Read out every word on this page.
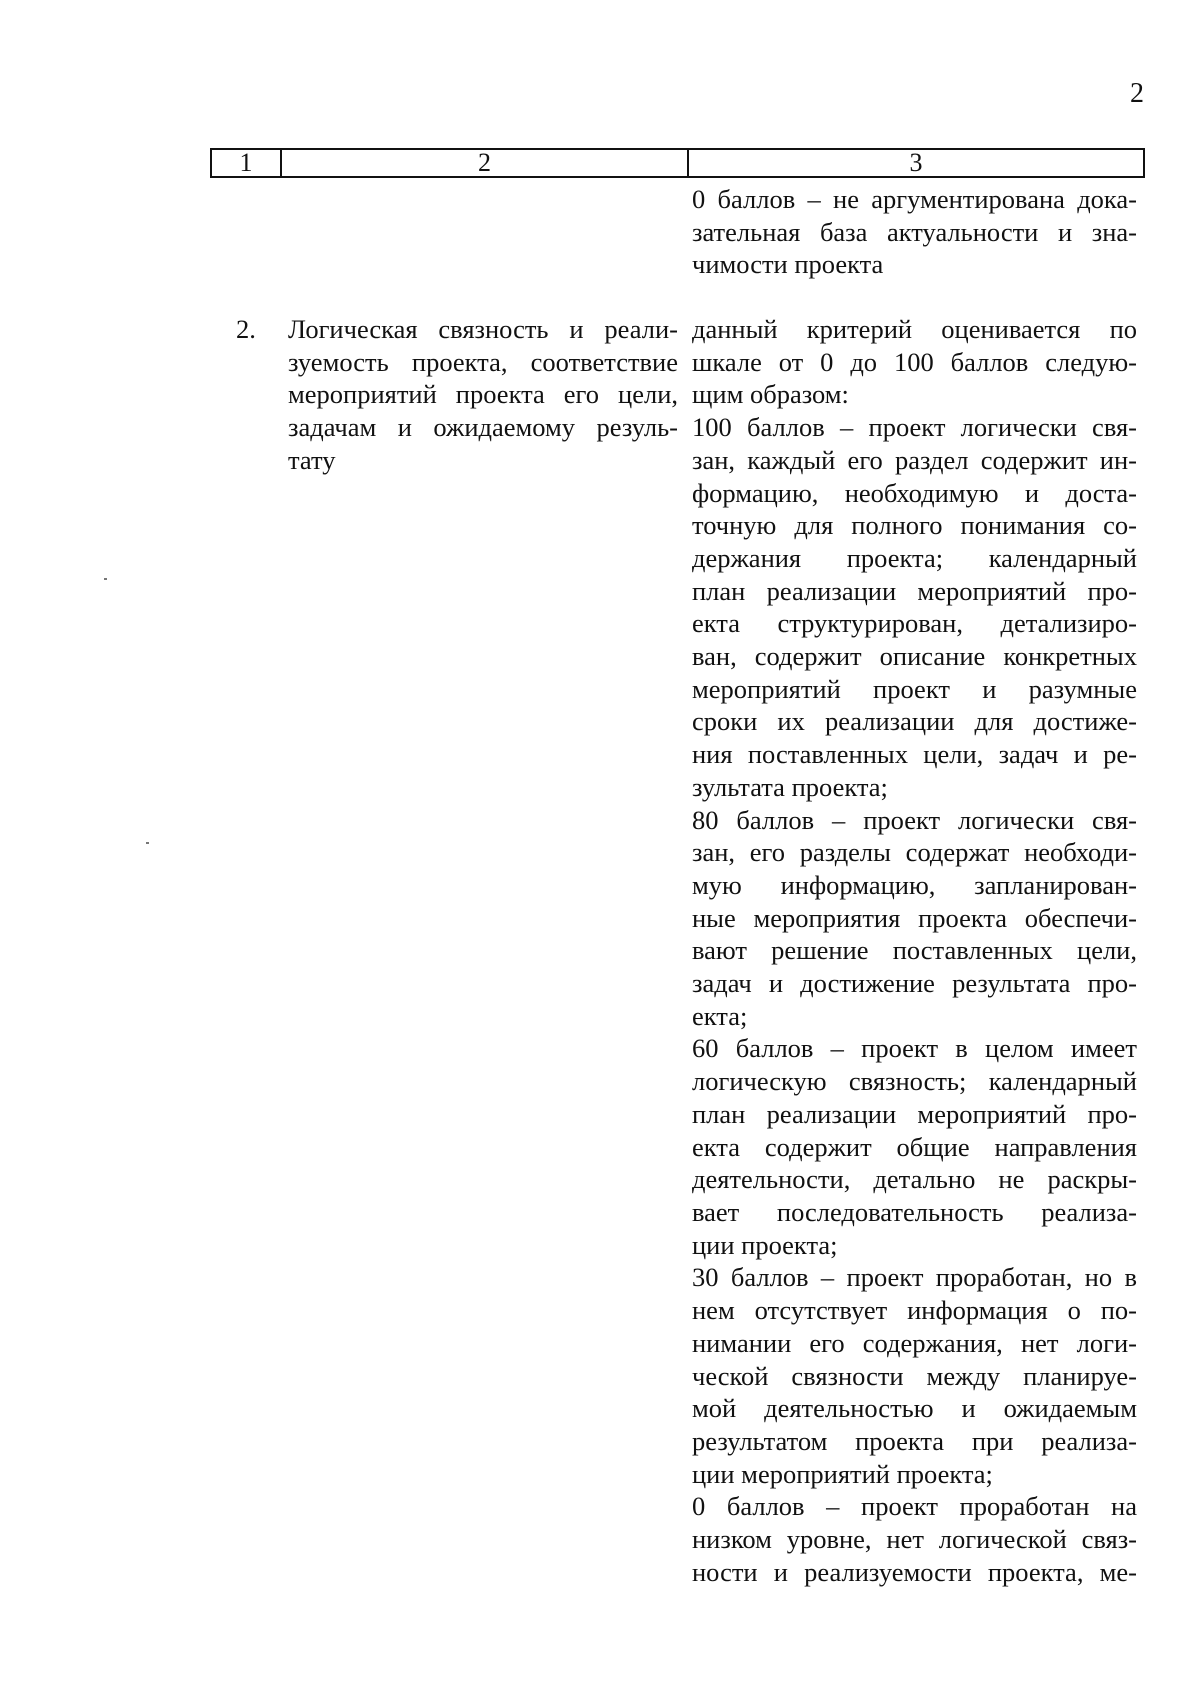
2
1	2	3
0 баллов – не аргументирована дока-
зательная база актуальности и зна-
чимости проекта
2. Логическая связность и реали-
зуемость проекта, соответствие
мероприятий проекта его цели,
задачам и ожидаемому резуль-
тату
данный критерий оценивается по
шкале от 0 до 100 баллов следую-
щим образом:
100 баллов – проект логически свя-
зан, каждый его раздел содержит ин-
формацию, необходимую и доста-
точную для полного понимания со-
держания проекта; календарный
план реализации мероприятий про-
екта структурирован, детализиро-
ван, содержит описание конкретных
мероприятий проект и разумные
сроки их реализации для достиже-
ния поставленных цели, задач и ре-
зультата проекта;
80 баллов – проект логически свя-
зан, его разделы содержат необходи-
мую информацию, запланирован-
ные мероприятия проекта обеспечи-
вают решение поставленных цели,
задач и достижение результата про-
екта;
60 баллов – проект в целом имеет
логическую связность; календарный
план реализации мероприятий про-
екта содержит общие направления
деятельности, детально не раскры-
вает последовательность реализа-
ции проекта;
30 баллов – проект проработан, но в
нем отсутствует информация о по-
нимании его содержания, нет логи-
ческой связности между планируе-
мой деятельностью и ожидаемым
результатом проекта при реализа-
ции мероприятий проекта;
0 баллов – проект проработан на
низком уровне, нет логической связ-
ности и реализуемости проекта, ме-
